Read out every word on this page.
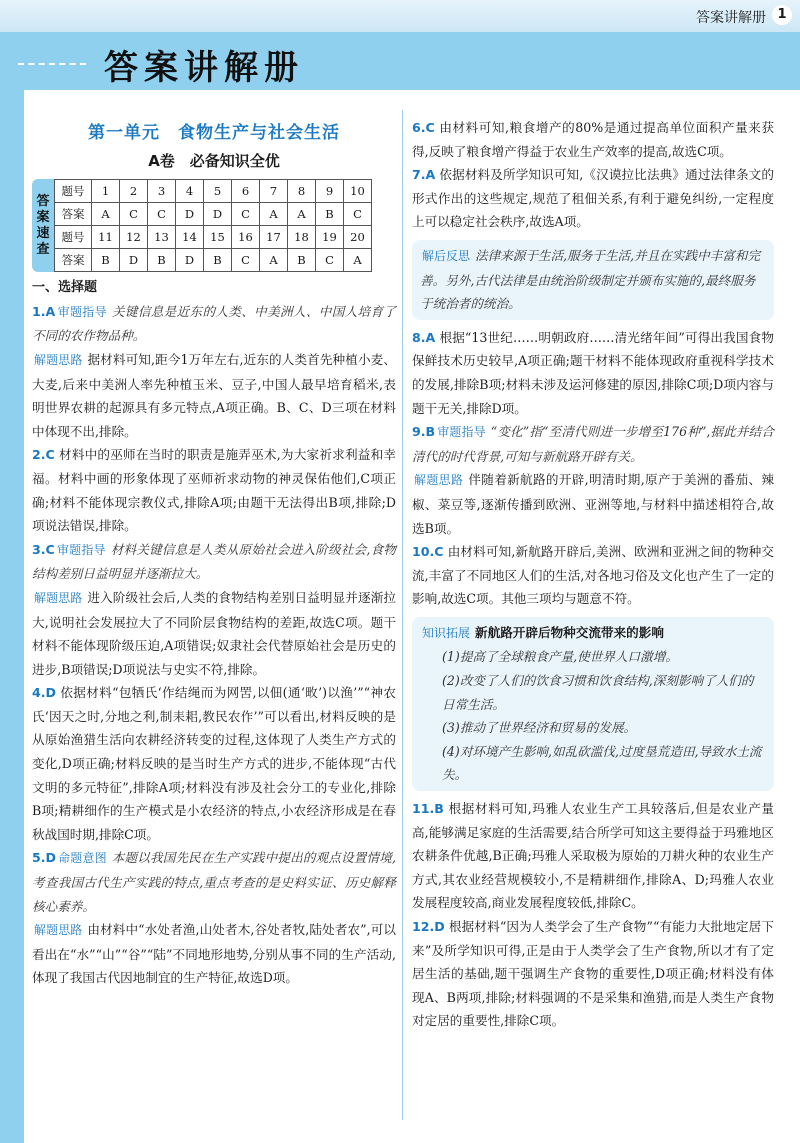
答案讲解册 1
答案讲解册
第一单元　食物生产与社会生活
A卷　必备知识全优
答案速查
题号	1	2	3	4	5	6	7	8	9	10
答案	A	C	C	D	D	C	A	A	B	C
题号	11	12	13	14	15	16	17	18	19	20
答案	B	D	B	D	B	C	A	B	C	A
一、选择题

1.A 审题指导 关键信息是近东的人类、中美洲人、中国人培育了不同的农作物品种。

解题思路 据材料可知,距今1万年左右,近东的人类首先种植小麦、大麦,后来中美洲人率先种植玉米、豆子,中国人最早培育稻米,表明世界农耕的起源具有多元特点,A项正确。B、C、D三项在材料中体现不出,排除。

2.C 材料中的巫师在当时的职责是施弄巫术,为大家祈求利益和幸福。材料中画的形象体现了巫师祈求动物的神灵保佑他们,C项正确;材料不能体现宗教仪式,排除A项;由题干无法得出B项,排除;D项说法错误,排除。

3.C 审题指导 材料关键信息是人类从原始社会进入阶级社会,食物结构差别日益明显并逐渐拉大。

解题思路 进入阶级社会后,人类的食物结构差别日益明显并逐渐拉大,说明社会发展拉大了不同阶层食物结构的差距,故选C项。题干材料不能体现阶级压迫,A项错误;奴隶社会代替原始社会是历史的进步,B项错误;D项说法与史实不符,排除。

4.D 依据材料“包牺氏‘作结绳而为网罟,以佃(通‘畋’)以渔’”“神农氏‘因天之时,分地之利,制耒耜,教民农作’”可以看出,材料反映的是从原始渔猎生活向农耕经济转变的过程,这体现了人类生产方式的变化,D项正确;材料反映的是当时生产方式的进步,不能体现“古代文明的多元特征”,排除A项;材料没有涉及社会分工的专业化,排除B项;精耕细作的生产模式是小农经济的特点,小农经济形成是在春秋战国时期,排除C项。

5.D 命题意图 本题以我国先民在生产实践中提出的观点设置情境,考查我国古代生产实践的特点,重点考查的是史料实证、历史解释核心素养。

解题思路 由材料中“水处者渔,山处者木,谷处者牧,陆处者农”,可以看出在“水”“山”“谷”“陆”不同地形地势,分别从事不同的生产活动,体现了我国古代因地制宜的生产特征,故选D项。

6.C 由材料可知,粮食增产的80%是通过提高单位面积产量来获得,反映了粮食增产得益于农业生产效率的提高,故选C项。

7.A 依据材料及所学知识可知,《汉谟拉比法典》通过法律条文的形式作出的这些规定,规范了租佃关系,有利于避免纠纷,一定程度上可以稳定社会秩序,故选A项。

解后反思 法律来源于生活,服务于生活,并且在实践中丰富和完善。另外,古代法律是由统治阶级制定并颁布实施的,最终服务于统治者的统治。

8.A 根据“13世纪……明朝政府……清光绪年间”可得出我国食物保鲜技术历史较早,A项正确;题干材料不能体现政府重视科学技术的发展,排除B项;材料未涉及运河修建的原因,排除C项;D项内容与题干无关,排除D项。

9.B 审题指导 “变化”指“至清代则进一步增至176种”,据此并结合清代的时代背景,可知与新航路开辟有关。

解题思路 伴随着新航路的开辟,明清时期,原产于美洲的番茄、辣椒、菜豆等,逐渐传播到欧洲、亚洲等地,与材料中描述相符合,故选B项。

10.C 由材料可知,新航路开辟后,美洲、欧洲和亚洲之间的物种交流,丰富了不同地区人们的生活,对各地习俗及文化也产生了一定的影响,故选C项。其他三项均与题意不符。

知识拓展 新航路开辟后物种交流带来的影响
(1)提高了全球粮食产量,使世界人口激增。
(2)改变了人们的饮食习惯和饮食结构,深刻影响了人们的日常生活。
(3)推动了世界经济和贸易的发展。
(4)对环境产生影响,如乱砍滥伐,过度垦荒造田,导致水土流失。

11.B 根据材料可知,玛雅人农业生产工具较落后,但是农业产量高,能够满足家庭的生活需要,结合所学可知这主要得益于玛雅地区农耕条件优越,B正确;玛雅人采取极为原始的刀耕火种的农业生产方式,其农业经营规模较小,不是精耕细作,排除A、D;玛雅人农业发展程度较高,商业发展程度较低,排除C。

12.D 根据材料“因为人类学会了生产食物”“有能力大批地定居下来”及所学知识可得,正是由于人类学会了生产食物,所以才有了定居生活的基础,题干强调生产食物的重要性,D项正确;材料没有体现A、B两项,排除;材料强调的不是采集和渔猎,而是人类生产食物对定居的重要性,排除C项。
